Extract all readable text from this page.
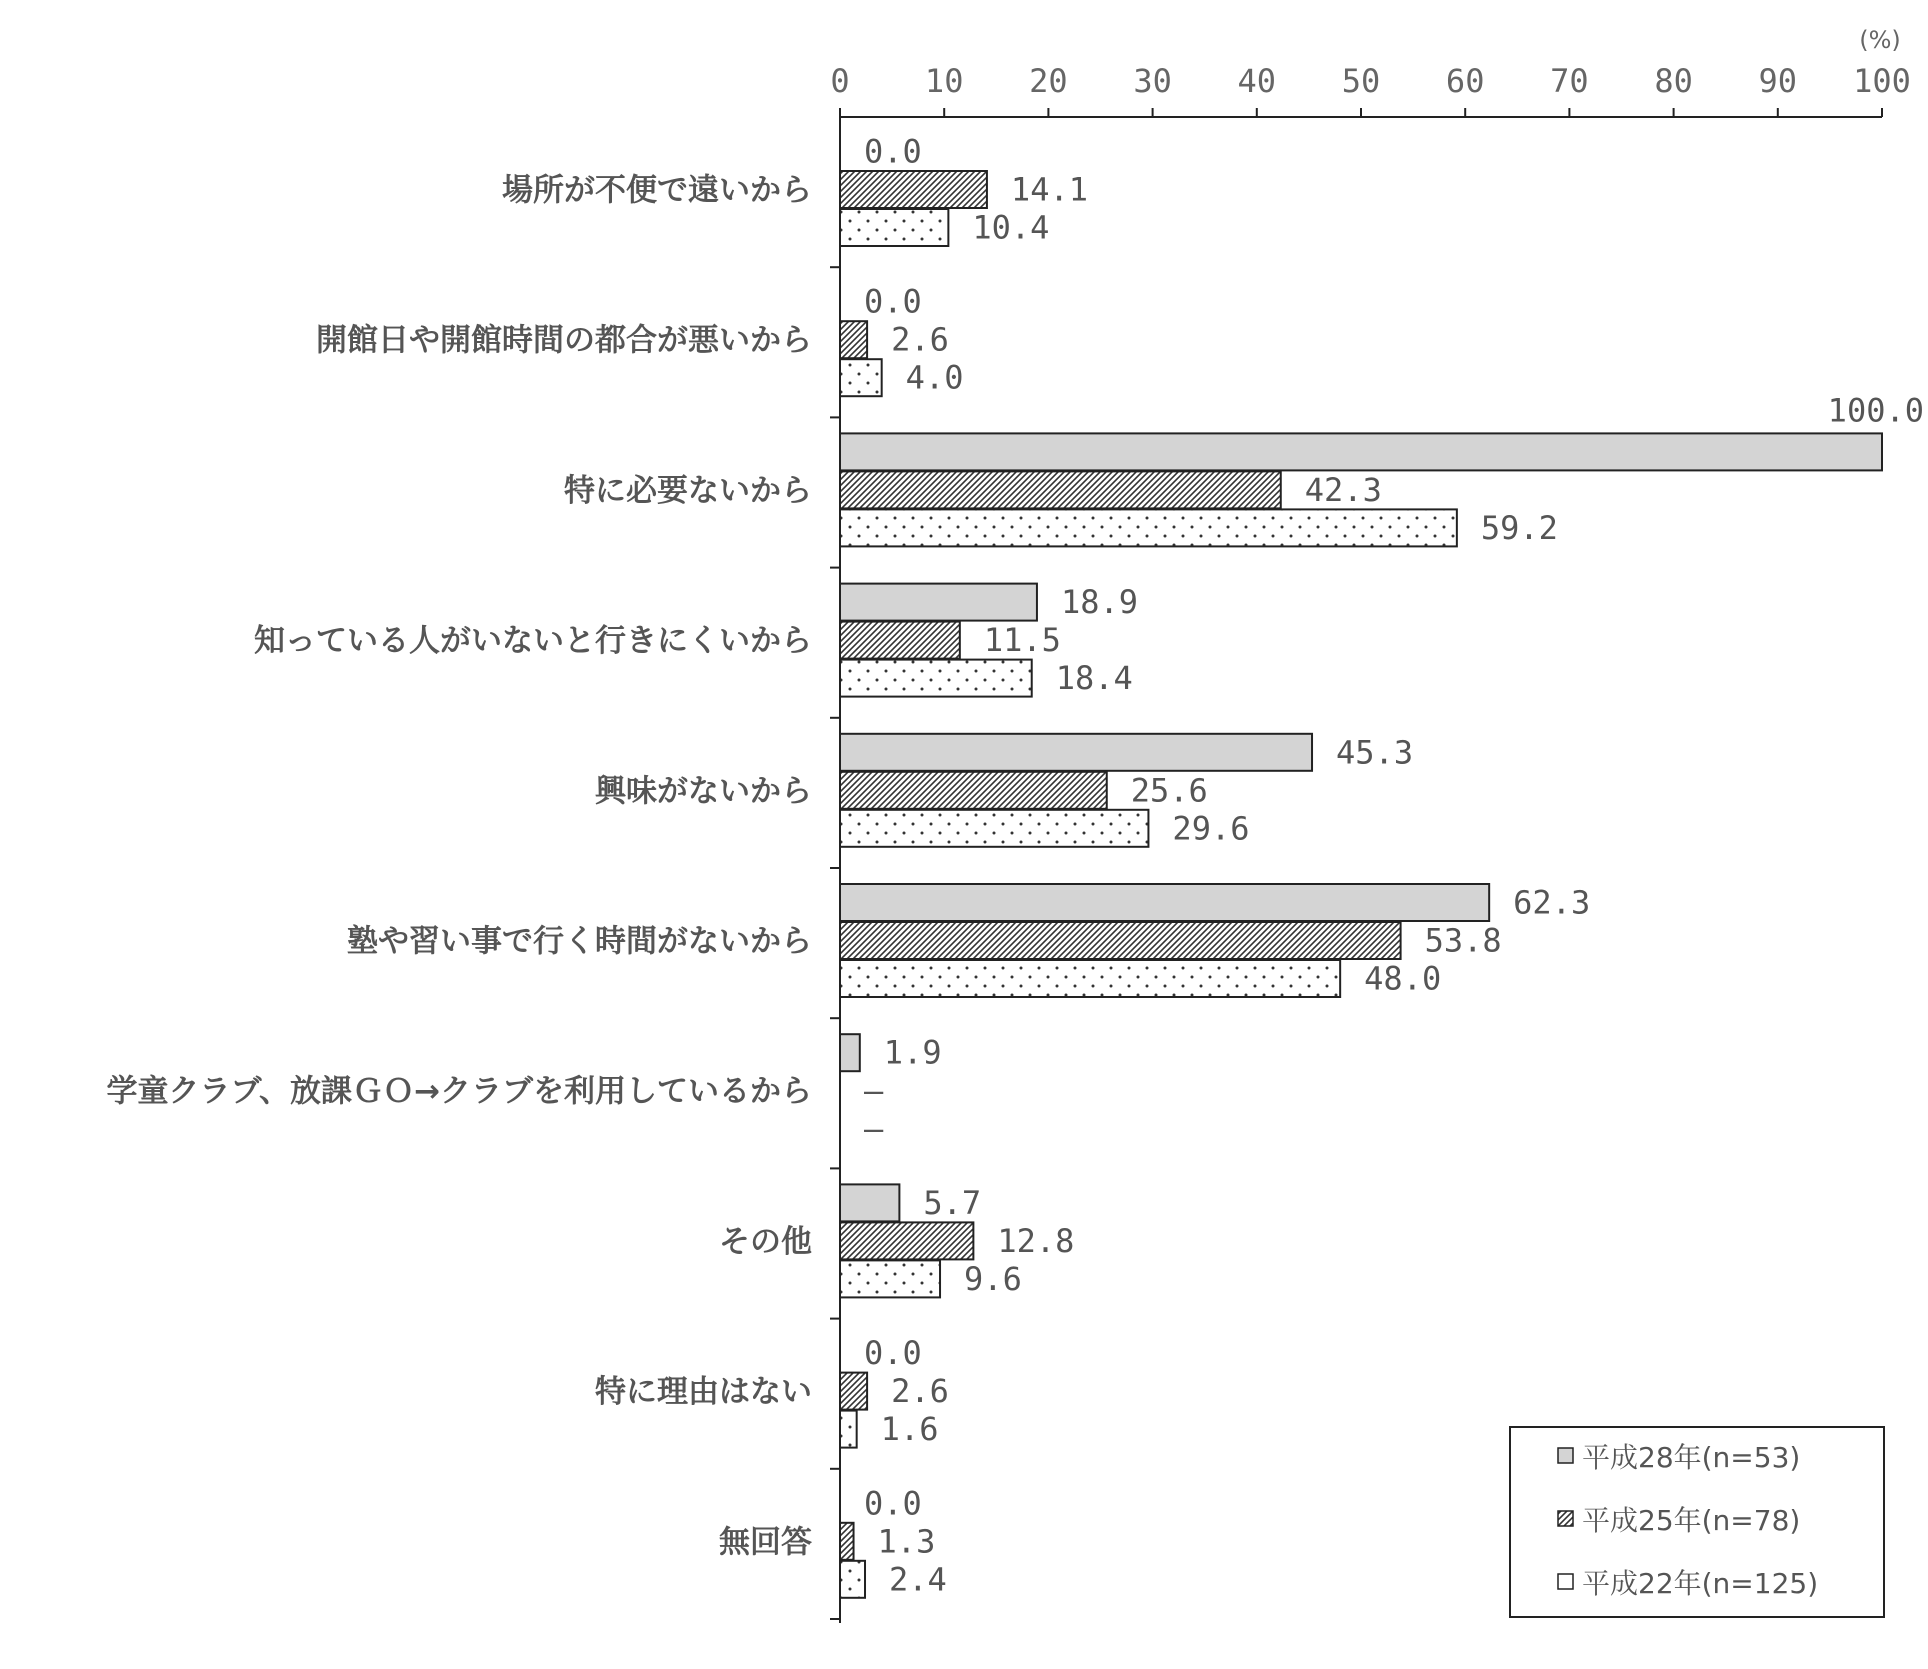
(%)
0 10 20 30 40 50 60 70 80 90 100
0.0
14.1
10.4
0.0
2.6
4.0
100.0
42.3
59.2
18.9
11.5
18.4
45.3
25.6
29.6
62.3
53.8
48.0
1.9
—
—
5.7
12.8
9.6
0.0
2.6
1.6
0.0
1.3
2.4
場所が不便で遠いから
開館日や開館時間の都合が悪いから
特に必要ないから
知っている人がいないと行きにくいから
興味がないから
塾や習い事で行く時間がないから
学童クラブ、放課ＧＯ→クラブを利用しているから
その他
特に理由はない
無回答
平成28年(n=53)
平成25年(n=78)
平成22年(n=125)
